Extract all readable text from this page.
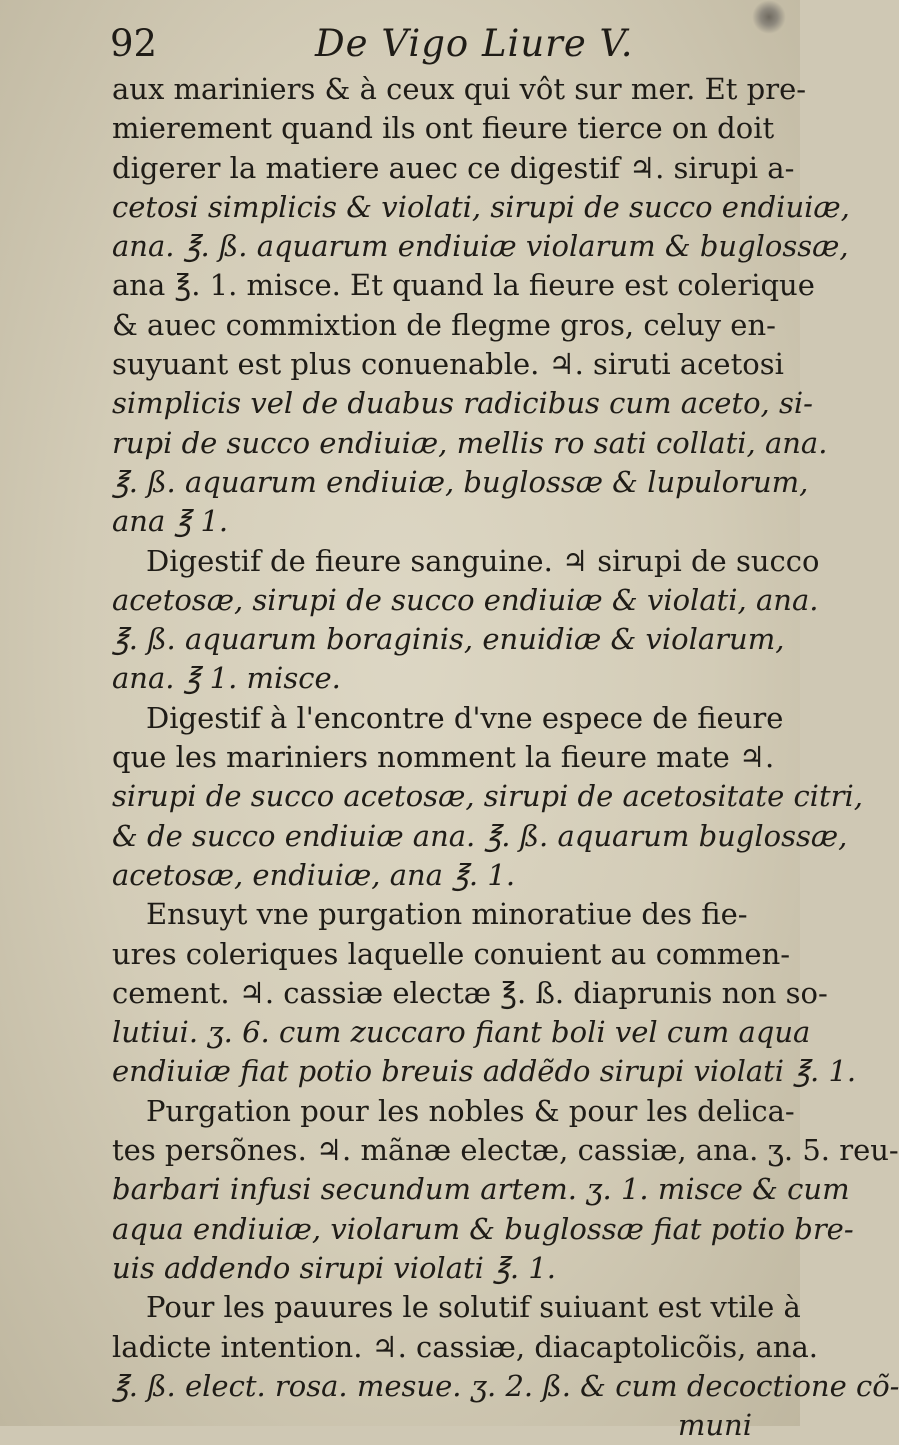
92	De Vigo Liure V.
aux mariniers & à ceux qui vôt sur mer. Et pre-
mierement quand ils ont fieure tierce on doit
digerer la matiere auec ce digestif ♃. sirupi a-
cetosi simplicis & violati, sirupi de succo endiuiæ,
ana. ℥. ß. aquarum endiuiæ violarum & buglossæ,
ana ℥. 1. misce. Et quand la fieure est colerique
& auec commixtion de flegme gros, celuy en-
suyuant est plus conuenable. ♃. siruti acetosi
simplicis vel de duabus radicibus cum aceto, si-
rupi de succo endiuiæ, mellis ro sati collati, ana.
℥. ß. aquarum endiuiæ, buglossæ & lupulorum,
ana ℥ 1.
Digestif de fieure sanguine. ♃ sirupi de succo
acetosæ, sirupi de succo endiuiæ & violati, ana.
℥. ß. aquarum boraginis, enuidiæ & violarum,
ana. ℥ 1. misce.
Digestif à l'encontre d'vne espece de fieure
que les mariniers nomment la fieure mate ♃.
sirupi de succo acetosæ, sirupi de acetositate citri,
& de succo endiuiæ ana. ℥. ß. aquarum buglossæ,
acetosæ, endiuiæ, ana ℥. 1.
Ensuyt vne purgation minoratiue des fie-
ures coleriques laquelle conuient au commen-
cement. ♃. cassiæ electæ ℥. ß. diaprunis non so-
lutiui. ʒ. 6. cum zuccaro fiant boli vel cum aqua
endiuiæ fiat potio breuis addẽdo sirupi violati ℥. 1.
Purgation pour les nobles & pour les delica-
tes persõnes. ♃. mãnæ electæ, cassiæ, ana. ʒ. 5. reu-
barbari infusi secundum artem. ʒ. 1. misce & cum
aqua endiuiæ, violarum & buglossæ fiat potio bre-
uis addendo sirupi violati ℥. 1.
Pour les pauures le solutif suiuant est vtile à
ladicte intention. ♃. cassiæ, diacaptolicõis, ana.
℥. ß. elect. rosa. mesue. ʒ. 2. ß. & cum decoctione cõ-
muni
